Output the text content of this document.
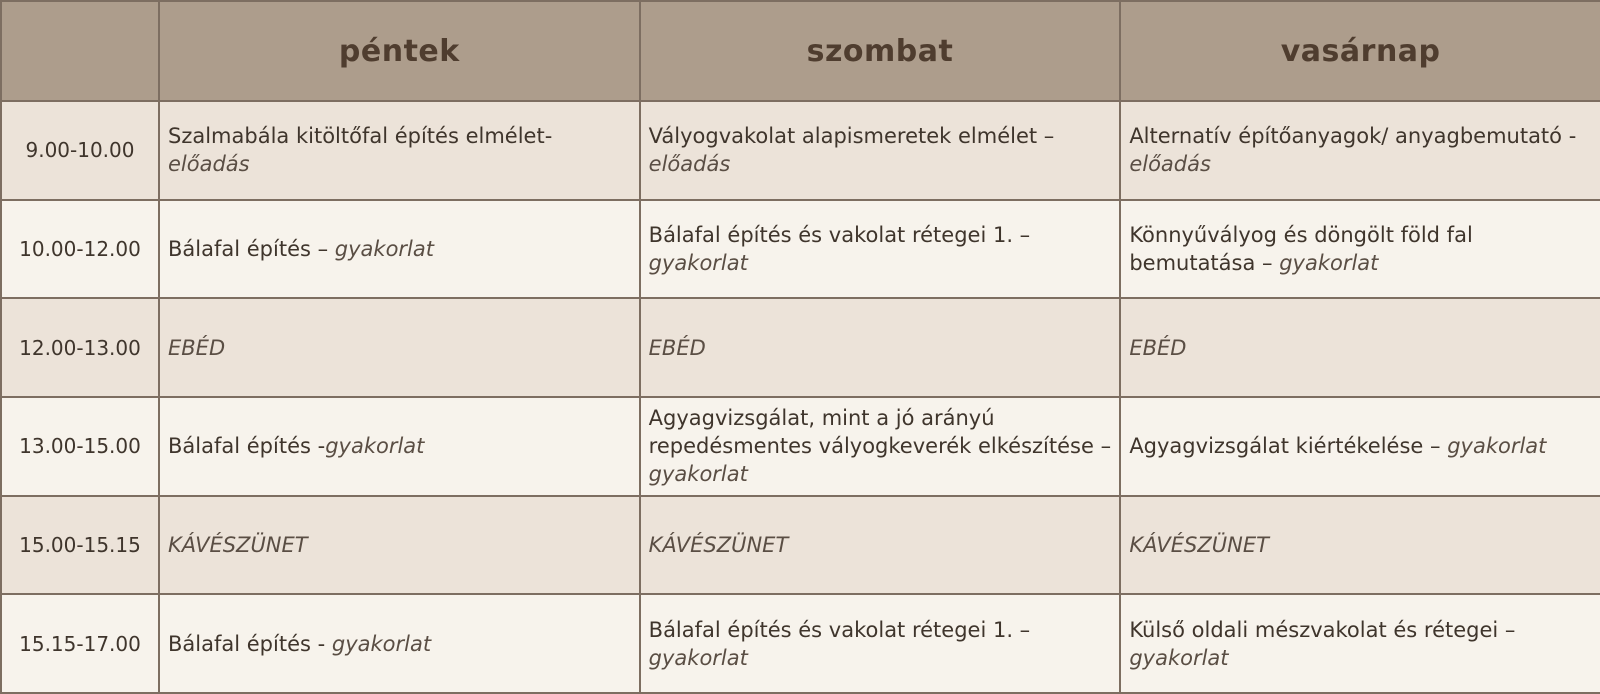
	péntek	szombat	vasárnap
9.00-10.00	Szalmabála kitöltőfal építés elmélet- előadás	Vályogvakolat alapismeretek elmélet – előadás	Alternatív építőanyagok/ anyagbemutató - előadás
10.00-12.00	Bálafal építés – gyakorlat	Bálafal építés és vakolat rétegei 1. – gyakorlat	Könnyűvályog és döngölt föld fal bemutatása – gyakorlat
12.00-13.00	EBÉD	EBÉD	EBÉD
13.00-15.00	Bálafal építés -gyakorlat	Agyagvizsgálat, mint a jó arányú repedésmentes vályogkeverék elkészítése – gyakorlat	Agyagvizsgálat kiértékelése – gyakorlat
15.00-15.15	KÁVÉSZÜNET	KÁVÉSZÜNET	KÁVÉSZÜNET
15.15-17.00	Bálafal építés - gyakorlat	Bálafal építés és vakolat rétegei 1. – gyakorlat	Külső oldali mészvakolat és rétegei – gyakorlat
